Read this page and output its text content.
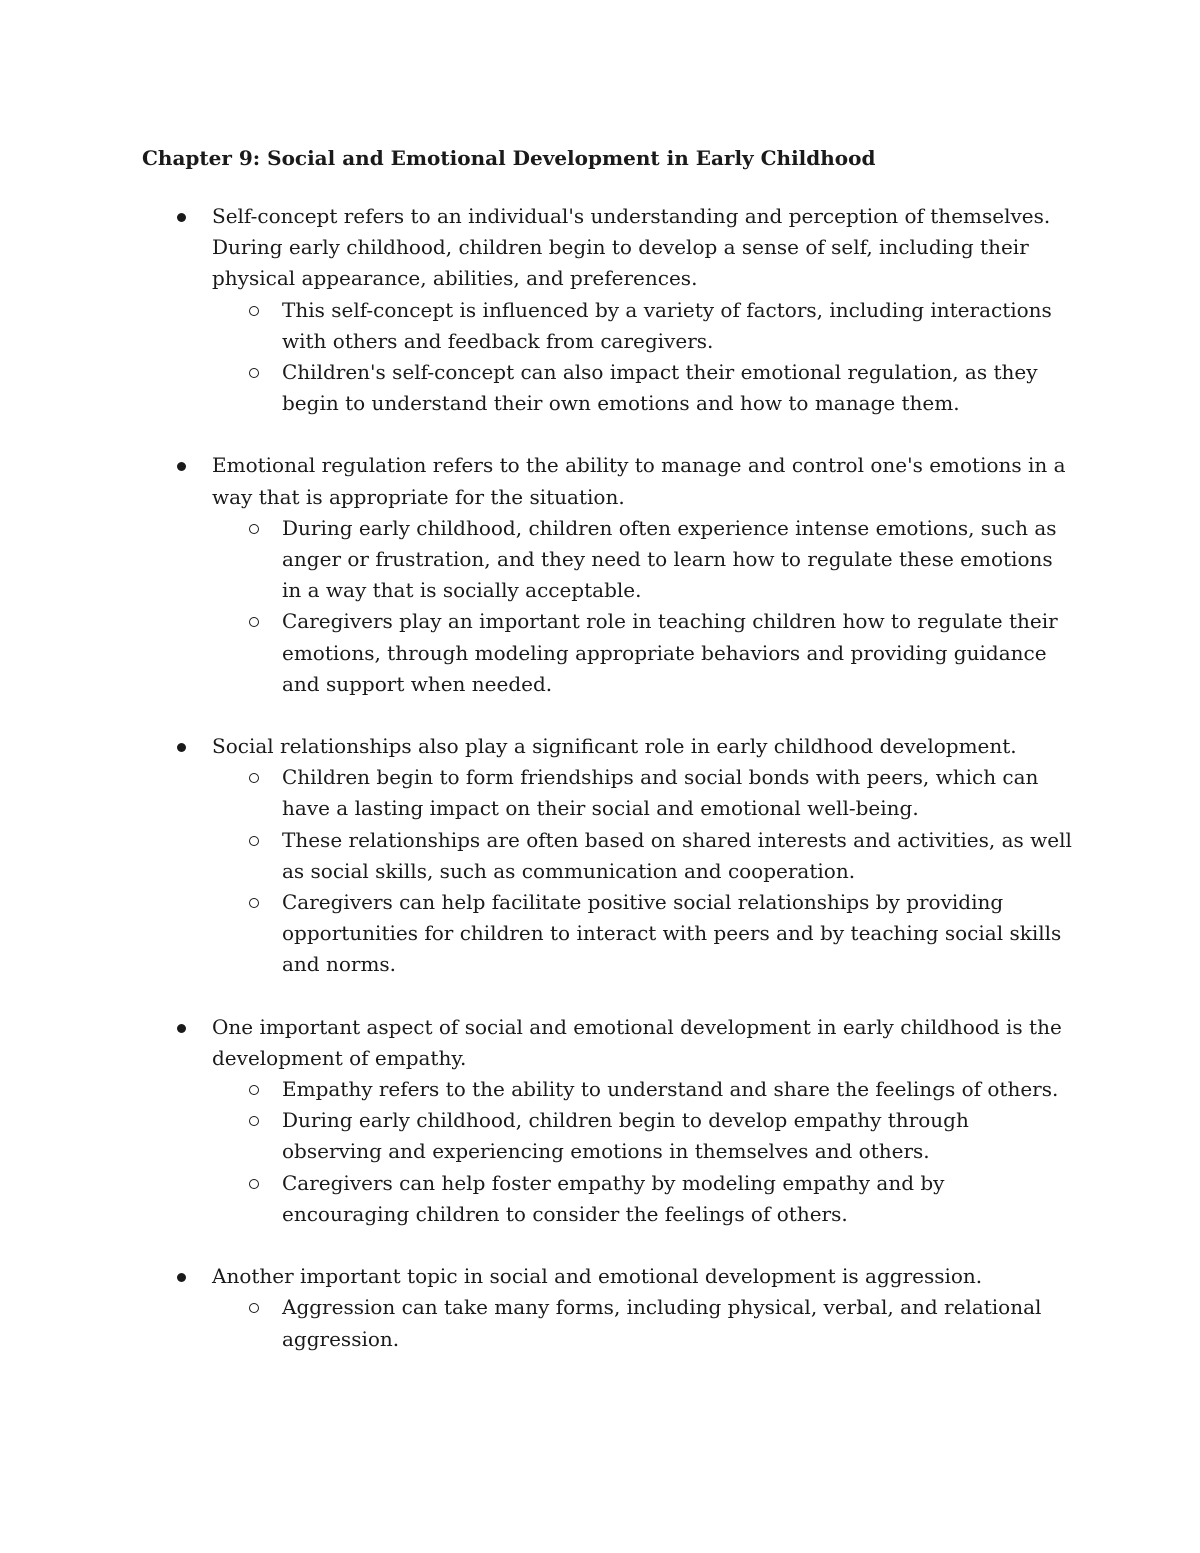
Chapter 9: Social and Emotional Development in Early Childhood
Self-concept refers to an individual's understanding and perception of themselves. During early childhood, children begin to develop a sense of self, including their physical appearance, abilities, and preferences.
This self-concept is influenced by a variety of factors, including interactions with others and feedback from caregivers.
Children's self-concept can also impact their emotional regulation, as they begin to understand their own emotions and how to manage them.
Emotional regulation refers to the ability to manage and control one's emotions in a way that is appropriate for the situation.
During early childhood, children often experience intense emotions, such as anger or frustration, and they need to learn how to regulate these emotions in a way that is socially acceptable.
Caregivers play an important role in teaching children how to regulate their emotions, through modeling appropriate behaviors and providing guidance and support when needed.
Social relationships also play a significant role in early childhood development.
Children begin to form friendships and social bonds with peers, which can have a lasting impact on their social and emotional well-being.
These relationships are often based on shared interests and activities, as well as social skills, such as communication and cooperation.
Caregivers can help facilitate positive social relationships by providing opportunities for children to interact with peers and by teaching social skills and norms.
One important aspect of social and emotional development in early childhood is the development of empathy.
Empathy refers to the ability to understand and share the feelings of others.
During early childhood, children begin to develop empathy through observing and experiencing emotions in themselves and others.
Caregivers can help foster empathy by modeling empathy and by encouraging children to consider the feelings of others.
Another important topic in social and emotional development is aggression.
Aggression can take many forms, including physical, verbal, and relational aggression.
